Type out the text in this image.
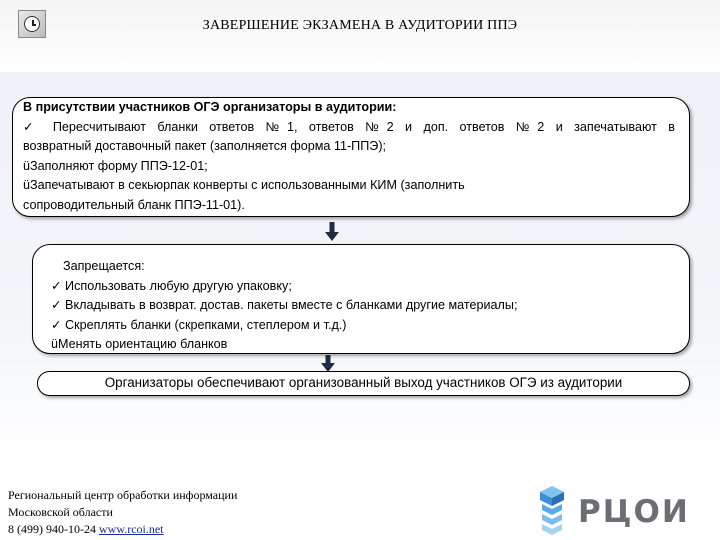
ЗАВЕРШЕНИЕ ЭКЗАМЕНА В АУДИТОРИИ ППЭ
В присутствии участников ОГЭ организаторы в аудитории:
✓ Пересчитывают бланки ответов №1, ответов №2 и доп. ответов №2 и запечатывают в
возвратный доставочный пакет (заполняется форма 11-ППЭ);
üЗаполняют форму ППЭ-12-01;
üЗапечатывают в секьюрпак конверты с использованными КИМ (заполнить
сопроводительный бланк ППЭ-11-01).
Запрещается:
✓ Использовать любую другую упаковку;
✓ Вкладывать в возврат. достав. пакеты вместе с бланками другие материалы;
✓ Скреплять бланки (скрепками, степлером и т.д.)
üМенять ориентацию бланков
Организаторы обеспечивают организованный выход участников ОГЭ из аудитории
Региональный центр обработки информации
Московской области
8 (499) 940-10-24 www.rcoi.net	РЦОИ
